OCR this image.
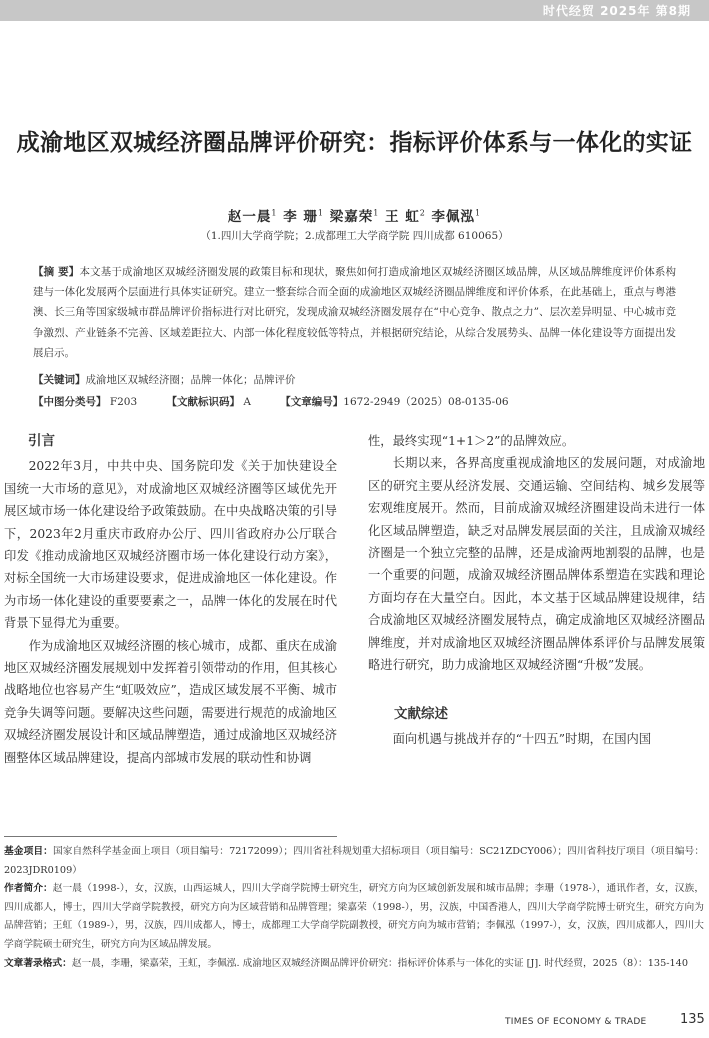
时代经贸 2025年 第8期
成渝地区双城经济圈品牌评价研究：指标评价体系与一体化的实证
赵一晨$^1$ 李 珊$^1$ 梁嘉荣$^1$ 王 虹$^2$ 李佩泓$^1$
（1.四川大学商学院；2.成都理工大学商学院 四川成都 610065）
【摘 要】本文基于成渝地区双城经济圈发展的政策目标和现状，聚焦如何打造成渝地区双城经济圈区域品牌，从区域品牌维度评价体系构建与一体化发展两个层面进行具体实证研究。建立一整套综合而全面的成渝地区双城经济圈品牌维度和评价体系，在此基础上，重点与粤港澳、长三角等国家级城市群品牌评价指标进行对比研究，发现成渝双城经济圈发展存在“中心竞争、散点之力”、层次差异明显、中心城市竞争激烈、产业链条不完善、区域差距拉大、内部一体化程度较低等特点，并根据研究结论，从综合发展势头、品牌一体化建设等方面提出发展启示。
【关键词】成渝地区双城经济圈；品牌一体化；品牌评价
【中图分类号】 F203	【文献标识码】 A	【文章编号】1672-2949（2025）08-0135-06
引言

2022年3月，中共中央、国务院印发《关于加快建设全国统一大市场的意见》，对成渝地区双城经济圈等区域优先开展区域市场一体化建设给予政策鼓励。在中央战略决策的引导下，2023年2月重庆市政府办公厅、四川省政府办公厅联合印发《推动成渝地区双城经济圈市场一体化建设行动方案》，对标全国统一大市场建设要求，促进成渝地区一体化建设。作为市场一体化建设的重要要素之一，品牌一体化的发展在时代背景下显得尤为重要。

作为成渝地区双城经济圈的核心城市，成都、重庆在成渝地区双城经济圈发展规划中发挥着引领带动的作用，但其核心战略地位也容易产生“虹吸效应”，造成区域发展不平衡、城市竞争失调等问题。要解决这些问题，需要进行规范的成渝地区双城经济圈发展设计和区域品牌塑造，通过成渝地区双城经济圈整体区域品牌建设，提高内部城市发展的联动性和协调

性，最终实现“1+1＞2”的品牌效应。

长期以来，各界高度重视成渝地区的发展问题，对成渝地区的研究主要从经济发展、交通运输、空间结构、城乡发展等宏观维度展开。然而，目前成渝双城经济圈建设尚未进行一体化区域品牌塑造，缺乏对品牌发展层面的关注，且成渝双城经济圈是一个独立完整的品牌，还是成渝两地割裂的品牌，也是一个重要的问题，成渝双城经济圈品牌体系塑造在实践和理论方面均存在大量空白。因此，本文基于区域品牌建设规律，结合成渝地区双城经济圈发展特点，确定成渝地区双城经济圈品牌维度，并对成渝地区双城经济圈品牌体系评价与品牌发展策略进行研究，助力成渝地区双城经济圈“升极”发展。

文献综述

面向机遇与挑战并存的“十四五”时期，在国内国

基金项目：国家自然科学基金面上项目（项目编号：72172099）；四川省社科规划重大招标项目（项目编号：SC21ZDCY006）；四川省科技厅项目（项目编号：2023JDR0109）

作者简介：赵一晨（1998-），女，汉族，山西运城人，四川大学商学院博士研究生，研究方向为区域创新发展和城市品牌；李珊（1978-），通讯作者，女，汉族，四川成都人，博士，四川大学商学院教授，研究方向为区域营销和品牌管理；梁嘉荣（1998-），男，汉族，中国香港人，四川大学商学院博士研究生，研究方向为品牌营销；王虹（1989-），男，汉族，四川成都人，博士，成都理工大学商学院副教授，研究方向为城市营销；李佩泓（1997-），女，汉族，四川成都人，四川大学商学院硕士研究生，研究方向为区域品牌发展。

文章著录格式：赵一晨，李珊，梁嘉荣，王虹，李佩泓. 成渝地区双城经济圈品牌评价研究：指标评价体系与一体化的实证 [J]. 时代经贸，2025（8）：135-140

TIMES OF ECONOMY & TRADE	135
